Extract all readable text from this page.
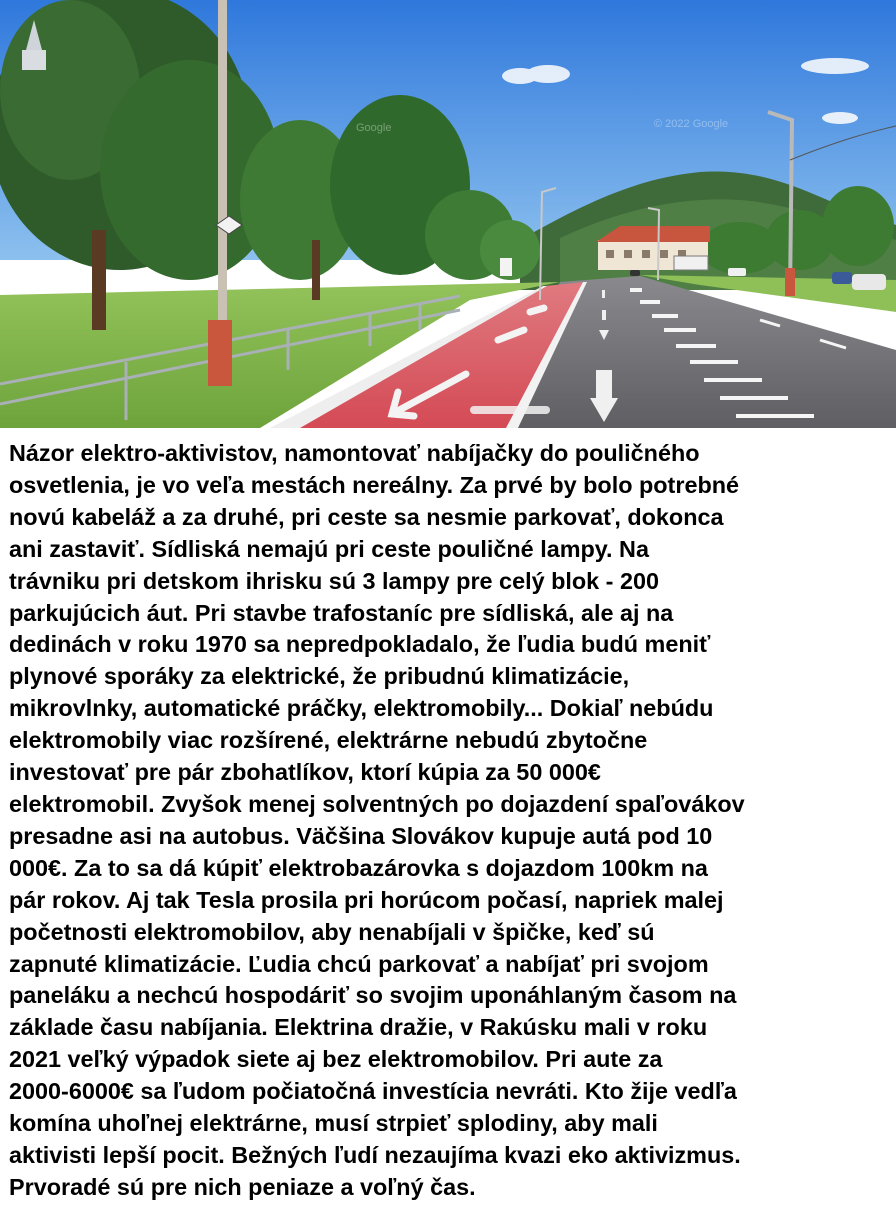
Google	© 2022 Google
Názor elektro-aktivistov, namontovať nabíjačky do pouličného
osvetlenia, je vo veľa mestách nereálny. Za prvé by bolo potrebné
novú kabeláž a za druhé, pri ceste sa nesmie parkovať, dokonca
ani zastaviť. Sídliská nemajú pri ceste pouličné lampy. Na
trávniku pri detskom ihrisku sú 3 lampy pre celý blok - 200
parkujúcich áut. Pri stavbe trafostaníc pre sídliská, ale aj na
dedinách v roku 1970 sa nepredpokladalo, že ľudia budú meniť
plynové sporáky za elektrické, že pribudnú klimatizácie,
mikrovlnky, automatické práčky, elektromobily... Dokiaľ nebúdu
elektromobily viac rozšírené, elektrárne nebudú zbytočne
investovať pre pár zbohatlíkov, ktorí kúpia za 50 000€
elektromobil. Zvyšok menej solventných po dojazdení spaľovákov
presadne asi na autobus. Väčšina Slovákov kupuje autá pod 10
000€. Za to sa dá kúpiť elektrobazárovka s dojazdom 100km na
pár rokov. Aj tak Tesla prosila pri horúcom počasí, napriek malej
početnosti elektromobilov, aby nenabíjali v špičke, keď sú
zapnuté klimatizácie. Ľudia chcú parkovať a nabíjať pri svojom
paneláku a nechcú hospodáriť so svojim uponáhlaným časom na
základe času nabíjania. Elektrina dražie, v Rakúsku mali v roku
2021 veľký výpadok siete aj bez elektromobilov. Pri aute za
2000-6000€ sa ľudom počiatočná investícia nevráti. Kto žije vedľa
komína uhoľnej elektrárne, musí strpieť splodiny, aby mali
aktivisti lepší pocit. Bežných ľudí nezaujíma kvazi eko aktivizmus.
Prvoradé sú pre nich peniaze a voľný čas.
